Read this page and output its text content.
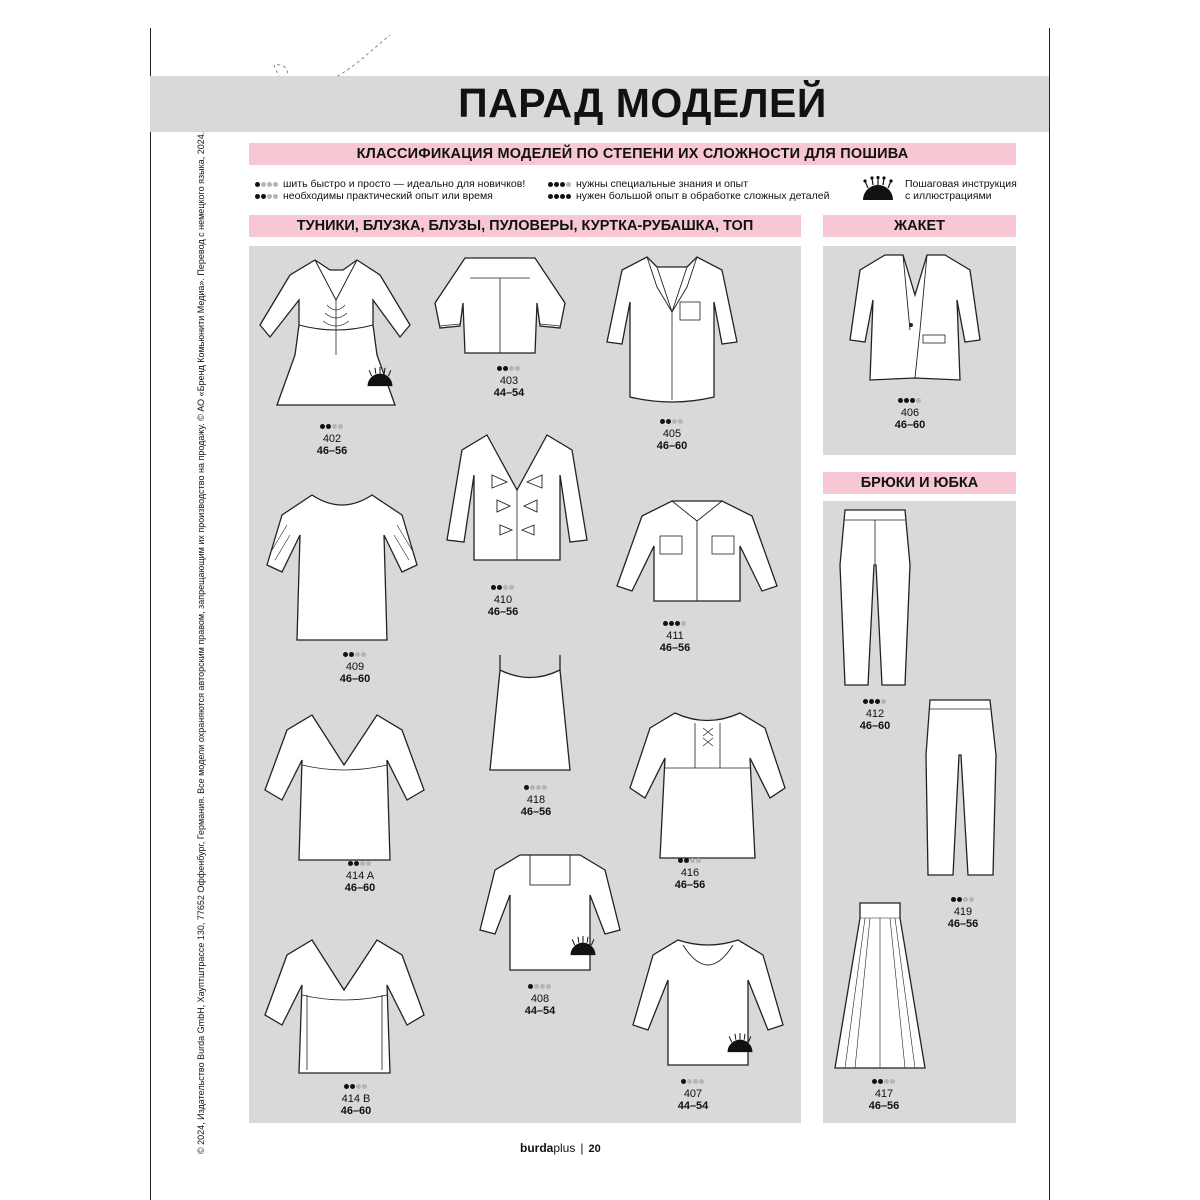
ПАРАД МОДЕЛЕЙ
КЛАССИФИКАЦИЯ МОДЕЛЕЙ ПО СТЕПЕНИ ИХ СЛОЖНОСТИ ДЛЯ ПОШИВА
шить быстро и просто — идеально для новичков!
необходимы практический опыт или время
нужны специальные знания и опыт
нужен большой опыт в обработке сложных деталей
Пошаговая инструкция
с иллюстрациями
ТУНИКИ, БЛУЗКА, БЛУЗЫ, ПУЛОВЕРЫ, КУРТКА-РУБАШКА, ТОП	ЖАКЕТ
БРЮКИ И ЮБКА
402
46–56
403
44–54
405
46–60
406
46–60
409
46–60
410
46–56
411
46–56
412
46–60
414 A
46–60
418
46–56
416
46–56
419
46–56
408
44–54
414 B
46–60
407
44–54
417
46–56
© 2024, Издательство Burda GmbH, Хауптштрассе 130, 77652 Оффенбург, Германия. Все модели охраняются авторским правом, запрещающим их производство на продажу. © АО «Бренд Комьюнити Медиа». Перевод с немецкого языка, 2024.	burdaplus | 20
